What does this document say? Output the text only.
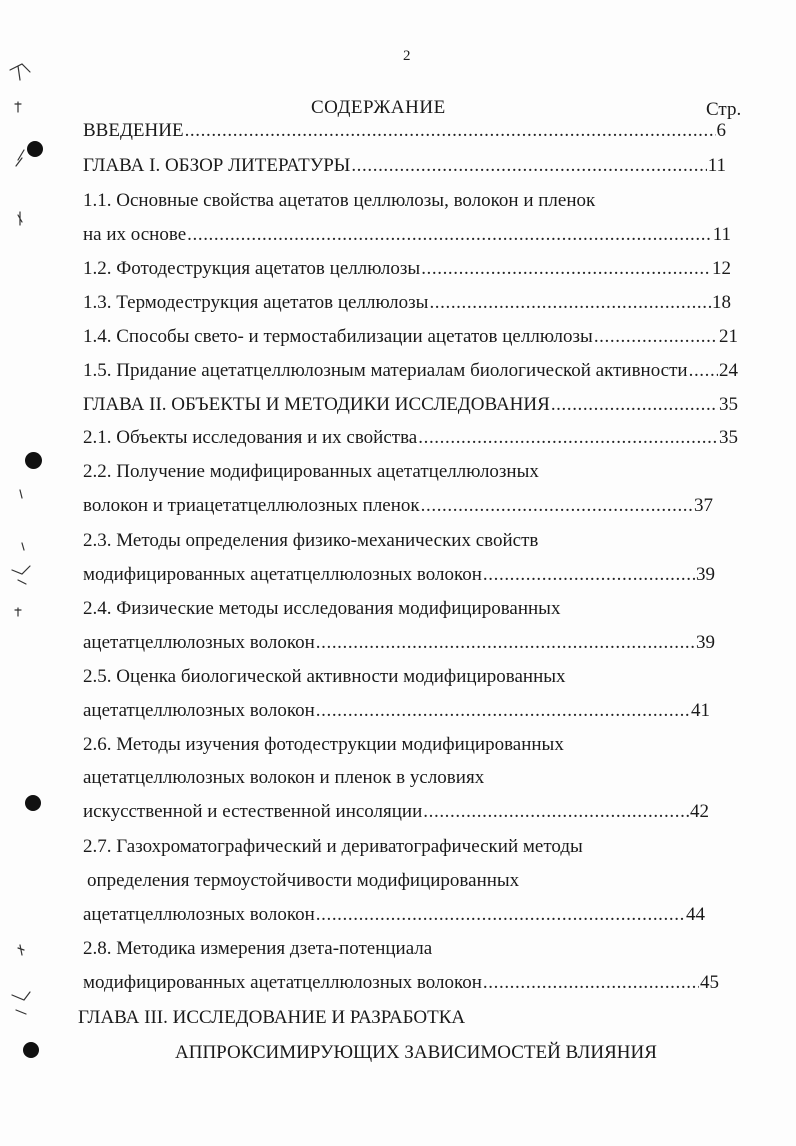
2
СОДЕРЖАНИЕ	Стр.
ВВЕДЕНИЕ .....	6
ГЛАВА I. ОБЗОР ЛИТЕРАТУРЫ .....	11
1.1. Основные свойства ацетатов целлюлозы, волокон и пленок
на их основе .....	11
1.2. Фотодеструкция ацетатов целлюлозы .....	12
1.3. Термодеструкция ацетатов целлюлозы .....	18
1.4. Способы свето- и термостабилизации ацетатов целлюлозы .....	21
1.5. Придание ацетатцеллюлозным материалам биологической активности ..... 24
ГЛАВА II. ОБЪЕКТЫ И МЕТОДИКИ ИССЛЕДОВАНИЯ .....	35
2.1. Объекты исследования и их свойства .....	35
2.2. Получение модифицированных ацетатцеллюлозных
волокон и триацетатцеллюлозных пленок .....	37
2.3. Методы определения физико-механических свойств
модифицированных ацетатцеллюлозных волокон .....	39
2.4. Физические методы исследования модифицированных
ацетатцеллюлозных волокон .....	39
2.5. Оценка биологической активности модифицированных
ацетатцеллюлозных волокон .....	41
2.6. Методы изучения фотодеструкции модифицированных
ацетатцеллюлозных волокон и пленок в условиях
искусственной и естественной инсоляции .....	42
2.7. Газохроматографический и дериватографический методы
определения термоустойчивости модифицированных
ацетатцеллюлозных волокон .....	44
2.8. Методика измерения дзета-потенциала
модифицированных ацетатцеллюлозных волокон .....	45
ГЛАВА III. ИССЛЕДОВАНИЕ И РАЗРАБОТКА
АППРОКСИМИРУЮЩИХ ЗАВИСИМОСТЕЙ ВЛИЯНИЯ
